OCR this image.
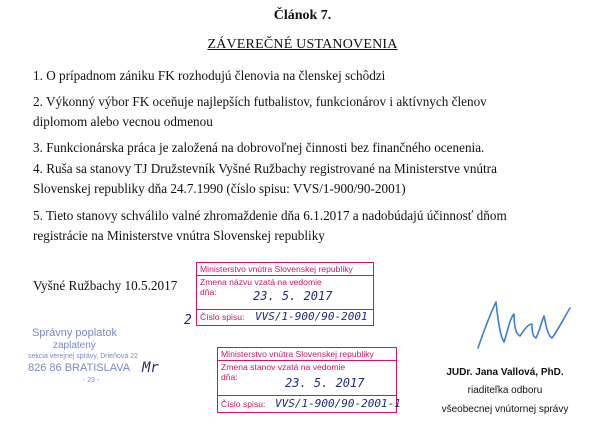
Článok 7.
ZÁVEREČNÉ USTANOVENIA
1. O prípadnom zániku FK rozhodujú členovia na členskej schôdzi
2. Výkonný výbor FK oceňuje najlepších futbalistov, funkcionárov i aktívnych členov diplomom alebo vecnou odmenou
3. Funkcionárska práca je založená na dobrovoľnej činnosti bez finančného ocenenia.
4. Ruša sa stanovy TJ Družstevník Vyšné Ružbachy registrované na Ministerstve vnútra Slovenskej republiky dňa 24.7.1990 (číslo spisu: VVS/1-900/90-2001)
5. Tieto stanovy schválilo valné zhromaždenie dňa 6.1.2017 a nadobúdajú účinnosť dňom registrácie na Ministerstve vnútra Slovenskej republiky
Vyšné Ružbachy 10.5.2017
Ministerstvo vnútra Slovenskej republiky
Zmena názvu vzatá na vedomie
dňa:
Číslo spisu:
23. 5. 2017
VVS/1-900/90-2001
2
Ministerstvo vnútra Slovenskej republiky
Zmena stanov vzatá na vedomie
dňa:
Číslo spisu:
23. 5. 2017
VVS/1-900/90-2001-1
Správny poplatok
zaplatený
sekcia verejnej správy, Drieňová 22
826 86 BRATISLAVA
- 23 -
Mr	JUDr. Jana Vallová, PhD.
riaditeľka odboru
všeobecnej vnútornej správy
